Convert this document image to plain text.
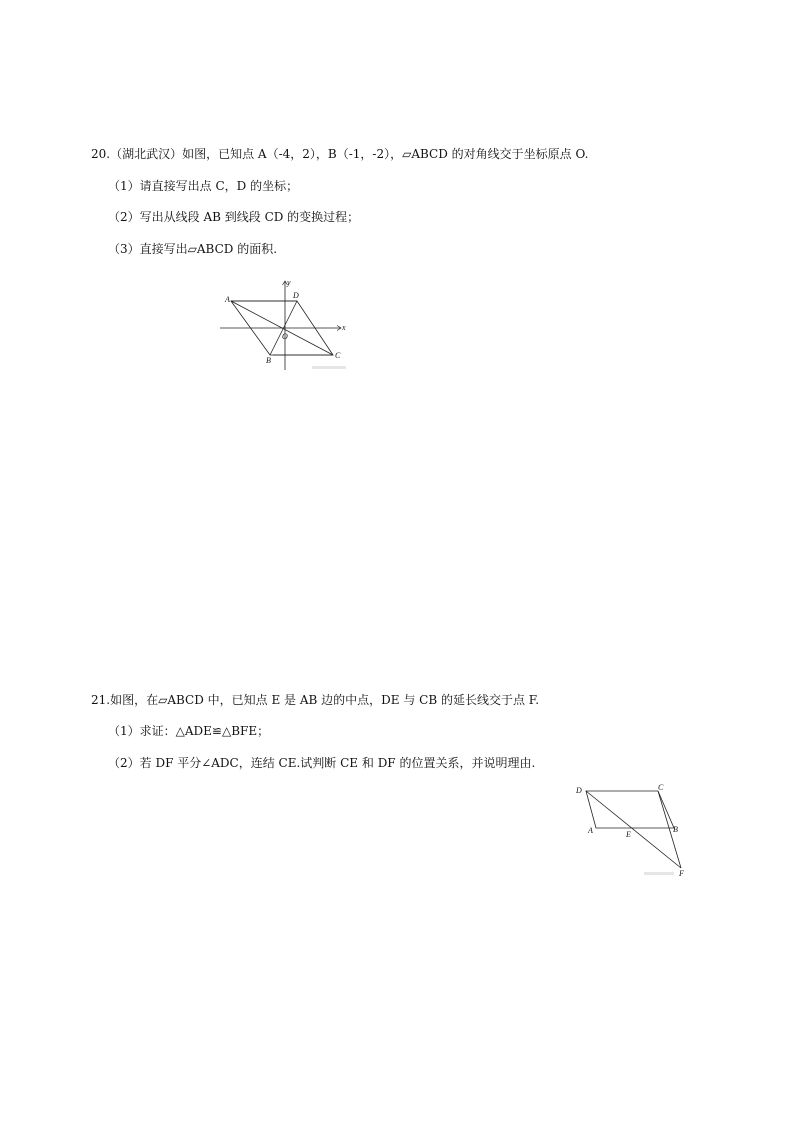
20.（湖北武汉）如图，已知点 A（-4，2），B（-1，-2），▱ABCD 的对角线交于坐标原点 O.
（1）请直接写出点 C，D 的坐标；
（2）写出从线段 AB 到线段 CD 的变换过程；
（3）直接写出▱ABCD 的面积.
A
B
C
D
O
x
y
21.如图，在▱ABCD 中，已知点 E 是 AB 边的中点，DE 与 CB 的延长线交于点 F.
（1）求证：△ADE≌△BFE；
（2）若 DF 平分∠ADC，连结 CE.试判断 CE 和 DF 的位置关系，并说明理由.
D	C
A	E
B
F
